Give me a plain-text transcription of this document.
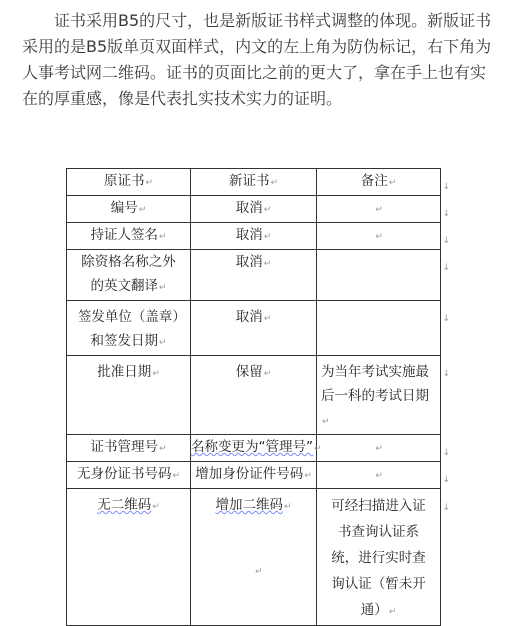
证书采用B5的尺寸，也是新版证书样式调整的体现。新版证书采用的是B5版单页双面样式，内文的左上角为防伪标记，右下角为人事考试网二维码。证书的页面比之前的更大了，拿在手上也有实在的厚重感，像是代表扎实技术实力的证明。

原证书↵	新证书↵	备注↵ ↓

编号↵	取消↵	↵ ↓

持证人签名↵	取消↵	↵ ↓

除资格名称之外的英文翻译↵	取消↵	↓

签发单位（盖章）和签发日期↵	取消↵	↓

批准日期↵	保留↵	为当年考试实施最后一科的考试日期↵
↓

证书管理号↵	名称变更为“管理号”↵	↵ ↓

无身份证书号码↵	增加身份证件号码↵	↵ ↓

无二维码↵	增加二维码↵	可经扫描进入证书查询认证系统，进行实时查询认证（暂未开通）↵
↓
↵
